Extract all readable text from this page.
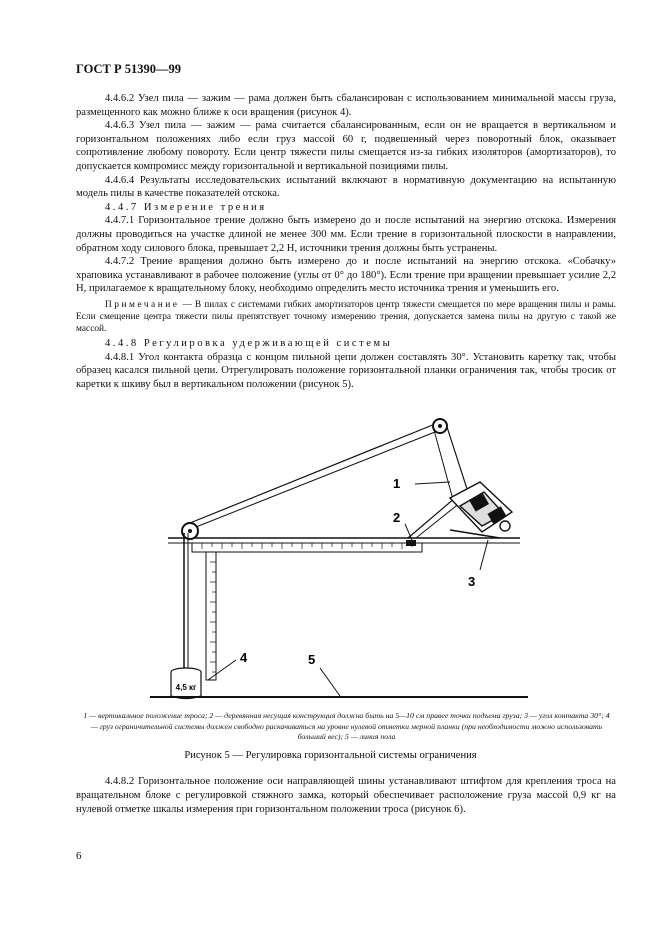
ГОСТ Р 51390—99

4.4.6.2 Узел пила — зажим — рама должен быть сбалансирован с использованием минимальной массы груза, размещенного как можно ближе к оси вращения (рисунок 4).

4.4.6.3 Узел пила — зажим — рама считается сбалансированным, если он не вращается в вертикальном и горизонтальном положениях либо если груз массой 60 г, подвешенный через поворотный блок, оказывает сопротивление любому повороту. Если центр тяжести пилы смещается из-за гибких изоляторов (амортизаторов), то допускается компромисс между горизонтальной и вертикальной позициями пилы.

4.4.6.4 Результаты исследовательских испытаний включают в нормативную документацию на испытанную модель пилы в качестве показателей отскока.

4.4.7 Измерение трения

4.4.7.1 Горизонтальное трение должно быть измерено до и после испытаний на энергию отскока. Измерения должны проводиться на участке длиной не менее 300 мм. Если трение в горизонтальной плоскости в направлении, обратном ходу силового блока, превышает 2,2 Н, источники трения должны быть устранены.

4.4.7.2 Трение вращения должно быть измерено до и после испытаний на энергию отскока. «Собачку» храповика устанавливают в рабочее положение (углы от 0° до 180°). Если трение при вращении превышает усилие 2,2 Н, прилагаемое к вращательному блоку, необходимо определить место источника трения и уменьшить его.

Примечание — В пилах с системами гибких амортизаторов центр тяжести смещается по мере вращения пилы и рамы. Если смещение центра тяжести пилы препятствует точному измерению трения, допускается замена пилы на другую с такой же массой.

4.4.8 Регулировка удерживающей системы

4.4.8.1 Угол контакта образца с концом пильной цепи должен составлять 30°. Установить каретку так, чтобы образец касался пильной цепи. Отрегулировать положение горизонтальной планки ограничения так, чтобы тросик от каретки к шкиву был в вертикальном положении (рисунок 5).

4,5 кг
1
2
3
4	5
1 — вертикальное положение троса; 2 — деревянная несущая конструкция должна быть на 5—10 см правее точки подъема груза; 3 — угол контакта 30°; 4 — груз ограничительной системы должен свободно раскачиваться на уровне нулевой отметки мерной планки (при необходимости можно использовать больший вес); 5 — линия пола
Рисунок 5 — Регулировка горизонтальной системы ограничения

4.4.8.2 Горизонтальное положение оси направляющей шины устанавливают штифтом для крепления троса на вращательном блоке с регулировкой стяжного замка, который обеспечивает расположение груза массой 0,9 кг на нулевой отметке шкалы измерения при горизонтальном положении троса (рисунок 6).

6
